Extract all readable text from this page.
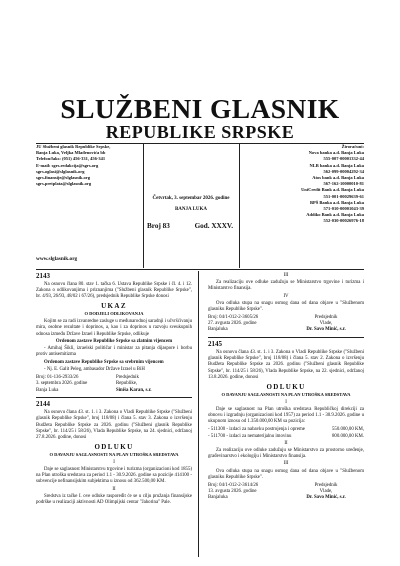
SLUŽBENI GLASNIK
REPUBLIKE SRPSKE
JU Službeni glasnik Republike Srpske,
Banja Luka, Veljka Mlađenovića bb
Telefon/faks: (051) 456-331, 456-341
E-mail: sgrs.redakcija@sgrs.org
sgrs.oglasi@slglasnik.org
sgrs.finansije@slglasnik.org
sgrs.pretplata@slglasnik.org
www.slglasnik.org
Četvrtak, 3. septembar 2026. godine
BANJA LUKA
Broj 83	God. XXXV.
Žiroračuni:
Nova banka a.d. Banja Luka
555-007-00001332-44
NLB banka a.d. Banja Luka
562-099-00004292-34
Atos bank a.d. Banja Luka
567-162-10000010-81
UniCredit Bank a.d. Banja Luka
551-001-00029639-61
BPŠ Banka a.d. Banja Luka
571-010-00001043-39
Addiko Bank a.d. Banja Luka
552-030-00026976-18
2143
Na osnovu člana 80. stav 1. tačka 6. Ustava Republike Srpske i čl. 4. i 12. Zakona o odlikovanjima i priznanjima ("Službeni glasnik Republike Srpske", br. 4/93, 26/93, 48/02 i 67/26), predsjednik Republike Srpske donosi
UKAZ
O DODJELI ODLIKOVANJA
Kojim se za radi izvanredne zasluge u međunarodnoj saradnji i učvršćivanju mira, osobne rezultate i doprinos, a, kao i za doprinos u razvoju sveukupnih odnosa između Države Izrael i Republike Srpske, odlikuje
Ordenom zastave Republike Srpske sa zlatnim vijencem
- Amihaj Šikli, izraelski političar i ministar za pitanja dijaspore i borbu protiv antisemitizma
Ordenom zastave Republike Srpske sa srebrnim vijencem
- Nj. E. Galit Peleg, ambasador Države Izrael u BiH
Broj: 01-136-2933/26
3. septembra 2026. godine
Banja Luka
Predsjednik
Republike,
Siniša Karan, s.r.
2144
Na osnovu člana 43. st. 1. i 3. Zakona o Vladi Republike Srpske ("Službeni glasnik Republike Srpske", broj 118/08) i člana 5. stav 3. Zakona o izvršenju Budžeta Republike Srpske za 2026. godinu ("Službeni glasnik Republike Srpske", br. 114/25 i 58/26), Vlada Republike Srpske, na 24. sjednici, održanoj 27.8.2026. godine, donosi
ODLUKU
O DAVANJU SAGLASNOSTI NA PLAN UTROŠKA SREDSTAVA
I
Daje se saglasnost Ministarstvu trgovine i turizma (organizacioni kod 1855) na Plan utroška sredstava za period 1.1 - 30.9.2026. godine sa pozicije 414100 - subvencije nefinansijskim subjektima u iznosu od 362.500,00 KM.
II
Sredstva iz tačke I. ove odluke raspoređit će se u cilju pružanja finansijske podrške u realizaciji aktivnosti AD Olimpijski centar "Jahorina" Pale.
III
Za realizaciju ove odluke zadužuju se Ministarstvo trgovine i turizma i Ministarstvo finansija.
IV
Ova odluka stupa na snagu osmog dana od dana objave u "Službenom glasniku Republike Srpske".
Broj: 04/1-012-2-3605/26
27. avgusta 2026. godine
Banjaluka
Predsjednik
Vlade,
Dr. Savo Minić, s.r.
2145
Na osnovu člana 43. st. 1. i 3. Zakona o Vladi Republike Srpske ("Službeni glasnik Republike Srpske", broj 118/08) i člana 5. stav 2. Zakona o izvršenju Budžeta Republike Srpske za 2026. godinu ("Službeni glasnik Republike Srpske", br. 114/25 i 58/26), Vlada Republike Srpske, na 22. sjednici, održanoj 13.8.2026. godine, donosi
ODLUKU
O DAVANJU SAGLASNOSTI NA PLAN UTROŠKA SREDSTAVA
I
Daje se saglasnost na Plan utroška sredstava Republičkoj direkciji za obnovu i izgradnju (organizacioni kod 1957) za period 1.1 - 30.9.2026. godine u ukupnom iznosu od 1.350.000,00 KM sa pozicija:
- 511300 - izdaci za nabavku postrojenja i opreme	550.000,00 KM,
- 511700 - izdaci za nematerijalnu imovinu	800.000,00 KM.
II
Za realizaciju ove odluke zadužuju se Ministarstvo za prostorno uređenje, građevinarstvo i ekologiju i Ministarstvo finansija.
III
Ova odluka stupa na snagu osmog dana od dana objave u "Službenom glasniku Republike Srpske".
Broj: 04/1-012-2-3614/26
13. avgusta 2026. godine
Banjaluka
Predsjednik
Vlade,
Dr. Savo Minić, s.r.
